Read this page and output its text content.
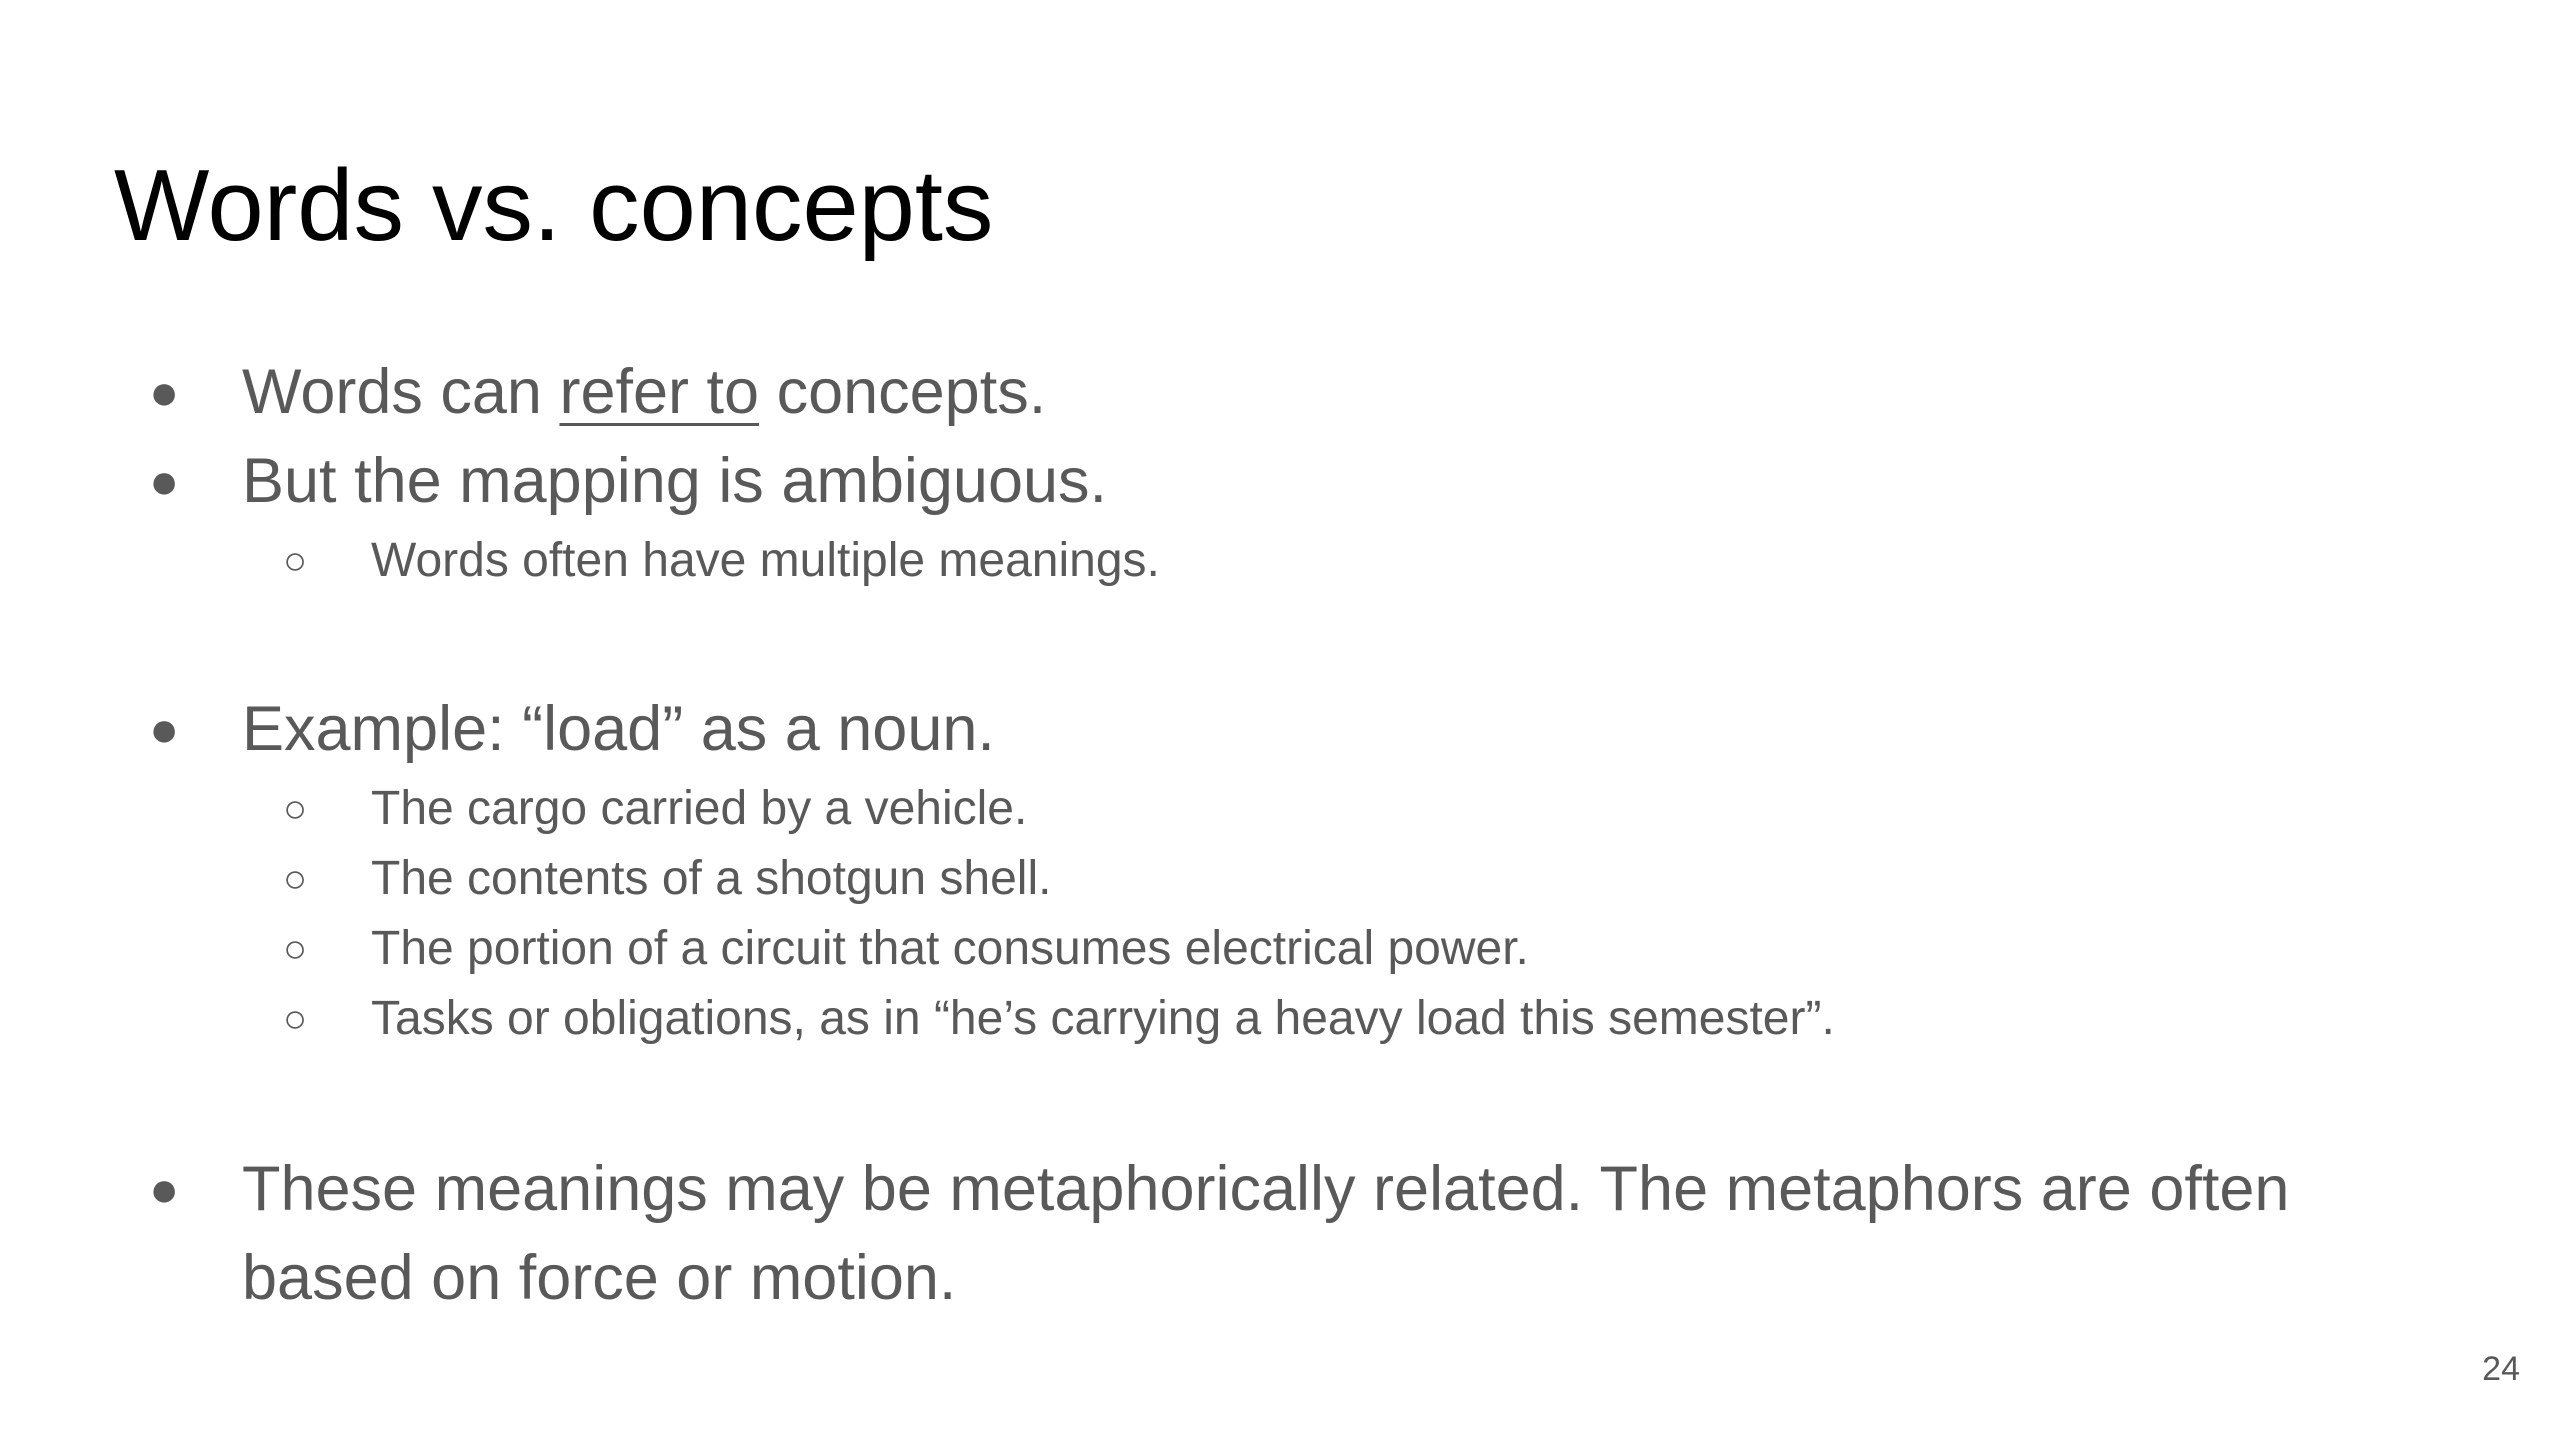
Words vs. concepts
● Words can refer to concepts.
● But the mapping is ambiguous.
○ Words often have multiple meanings.
● Example: “load” as a noun.
○ The cargo carried by a vehicle.
○ The contents of a shotgun shell.
○ The portion of a circuit that consumes electrical power.
○ Tasks or obligations, as in “he’s carrying a heavy load this semester”.
● These meanings may be metaphorically related. The metaphors are often based on force or motion.
24
